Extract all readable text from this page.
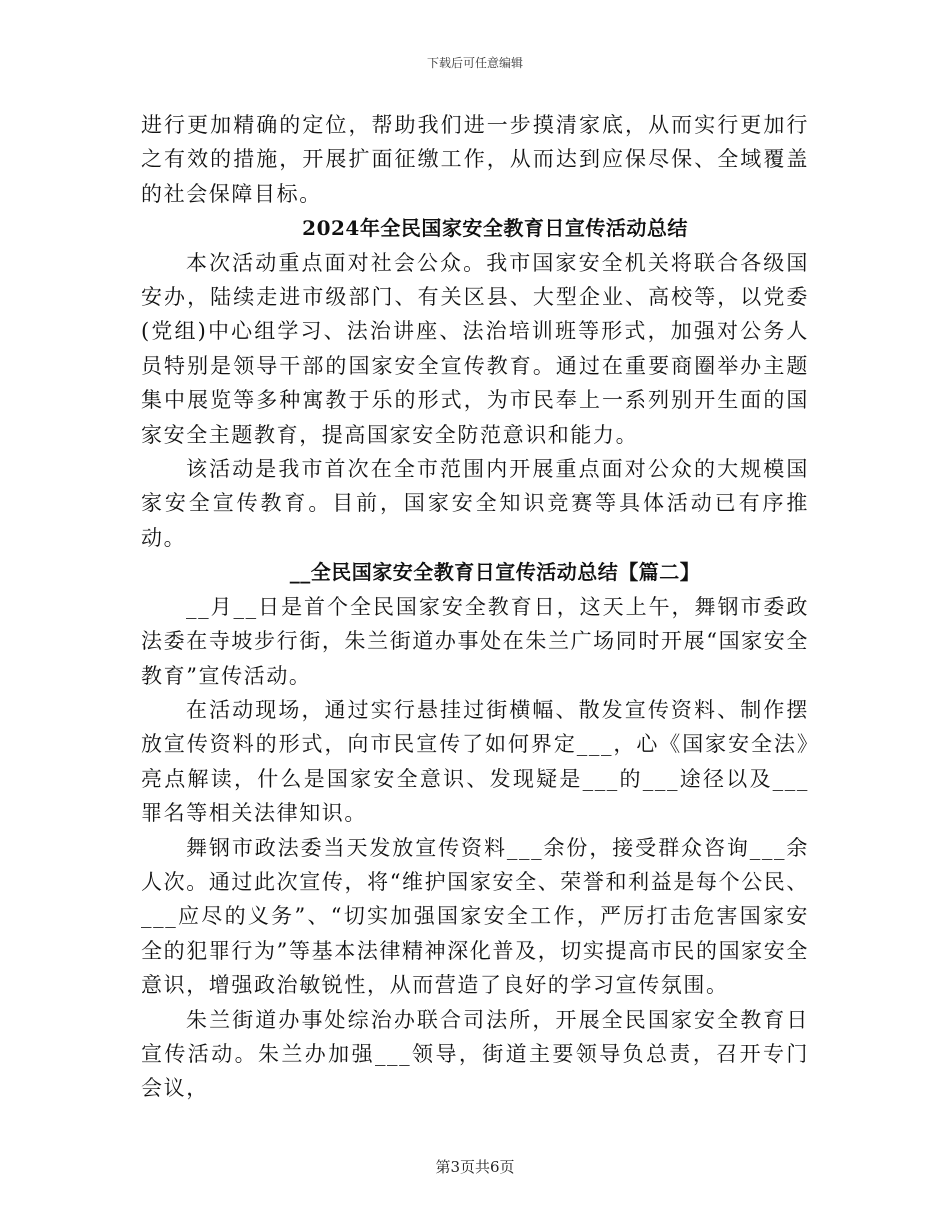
下载后可任意编辑

进行更加精确的定位，帮助我们进一步摸清家底，从而实行更加行之有效的措施，开展扩面征缴工作，从而达到应保尽保、全域覆盖的社会保障目标。

2024年全民国家安全教育日宣传活动总结

本次活动重点面对社会公众。我市国家安全机关将联合各级国安办，陆续走进市级部门、有关区县、大型企业、高校等，以党委(党组)中心组学习、法治讲座、法治培训班等形式，加强对公务人员特别是领导干部的国家安全宣传教育。通过在重要商圈举办主题集中展览等多种寓教于乐的形式，为市民奉上一系列别开生面的国家安全主题教育，提高国家安全防范意识和能力。

该活动是我市首次在全市范围内开展重点面对公众的大规模国家安全宣传教育。目前，国家安全知识竞赛等具体活动已有序推动。

__全民国家安全教育日宣传活动总结【篇二】

__月__日是首个全民国家安全教育日，这天上午，舞钢市委政法委在寺坡步行街，朱兰街道办事处在朱兰广场同时开展“国家安全教育”宣传活动。

在活动现场，通过实行悬挂过街横幅、散发宣传资料、制作摆放宣传资料的形式，向市民宣传了如何界定___，心《国家安全法》亮点解读，什么是国家安全意识、发现疑是___的___途径以及___罪名等相关法律知识。

舞钢市政法委当天发放宣传资料___余份，接受群众咨询___余人次。通过此次宣传，将“维护国家安全、荣誉和利益是每个公民、___应尽的义务”、“切实加强国家安全工作，严厉打击危害国家安全的犯罪行为”等基本法律精神深化普及，切实提高市民的国家安全意识，增强政治敏锐性，从而营造了良好的学习宣传氛围。

朱兰街道办事处综治办联合司法所，开展全民国家安全教育日宣传活动。朱兰办加强___领导，街道主要领导负总责，召开专门会议，

第3页共6页
